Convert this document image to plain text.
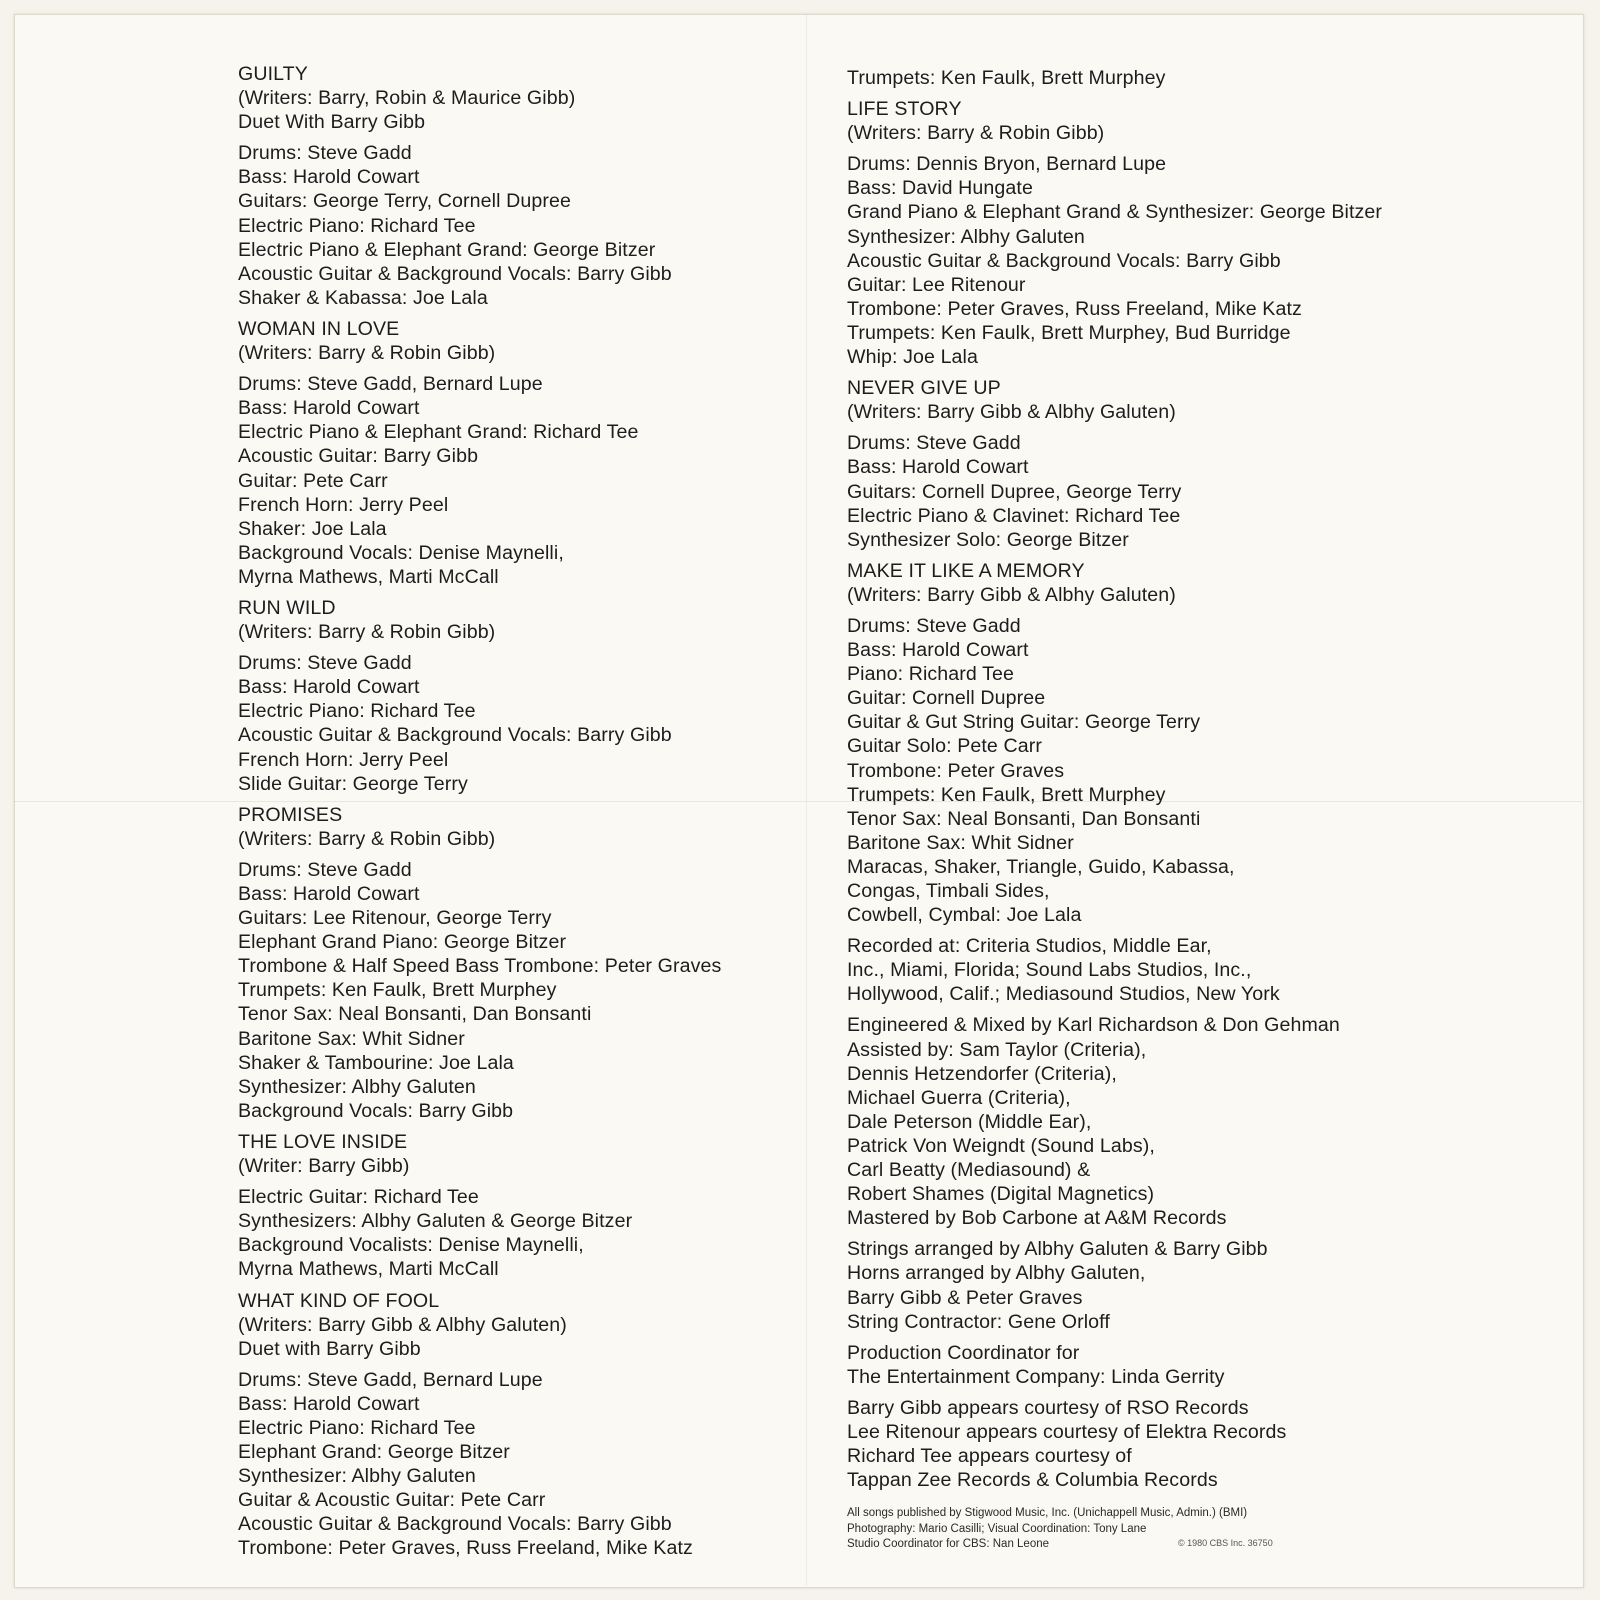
GUILTY
(Writers: Barry, Robin & Maurice Gibb)
Duet With Barry Gibb
Drums: Steve Gadd
Bass: Harold Cowart
Guitars: George Terry, Cornell Dupree
Electric Piano: Richard Tee
Electric Piano & Elephant Grand: George Bitzer
Acoustic Guitar & Background Vocals: Barry Gibb
Shaker & Kabassa: Joe Lala
WOMAN IN LOVE
(Writers: Barry & Robin Gibb)
Drums: Steve Gadd, Bernard Lupe
Bass: Harold Cowart
Electric Piano & Elephant Grand: Richard Tee
Acoustic Guitar: Barry Gibb
Guitar: Pete Carr
French Horn: Jerry Peel
Shaker: Joe Lala
Background Vocals: Denise Maynelli,
Myrna Mathews, Marti McCall
RUN WILD
(Writers: Barry & Robin Gibb)
Drums: Steve Gadd
Bass: Harold Cowart
Electric Piano: Richard Tee
Acoustic Guitar & Background Vocals: Barry Gibb
French Horn: Jerry Peel
Slide Guitar: George Terry
PROMISES
(Writers: Barry & Robin Gibb)
Drums: Steve Gadd
Bass: Harold Cowart
Guitars: Lee Ritenour, George Terry
Elephant Grand Piano: George Bitzer
Trombone & Half Speed Bass Trombone: Peter Graves
Trumpets: Ken Faulk, Brett Murphey
Tenor Sax: Neal Bonsanti, Dan Bonsanti
Baritone Sax: Whit Sidner
Shaker & Tambourine: Joe Lala
Synthesizer: Albhy Galuten
Background Vocals: Barry Gibb
THE LOVE INSIDE
(Writer: Barry Gibb)
Electric Guitar: Richard Tee
Synthesizers: Albhy Galuten & George Bitzer
Background Vocalists: Denise Maynelli,
Myrna Mathews, Marti McCall
WHAT KIND OF FOOL
(Writers: Barry Gibb & Albhy Galuten)
Duet with Barry Gibb
Drums: Steve Gadd, Bernard Lupe
Bass: Harold Cowart
Electric Piano: Richard Tee
Elephant Grand: George Bitzer
Synthesizer: Albhy Galuten
Guitar & Acoustic Guitar: Pete Carr
Acoustic Guitar & Background Vocals: Barry Gibb
Trombone: Peter Graves, Russ Freeland, Mike Katz
Trumpets: Ken Faulk, Brett Murphey
LIFE STORY
(Writers: Barry & Robin Gibb)
Drums: Dennis Bryon, Bernard Lupe
Bass: David Hungate
Grand Piano & Elephant Grand & Synthesizer: George Bitzer
Synthesizer: Albhy Galuten
Acoustic Guitar & Background Vocals: Barry Gibb
Guitar: Lee Ritenour
Trombone: Peter Graves, Russ Freeland, Mike Katz
Trumpets: Ken Faulk, Brett Murphey, Bud Burridge
Whip: Joe Lala
NEVER GIVE UP
(Writers: Barry Gibb & Albhy Galuten)
Drums: Steve Gadd
Bass: Harold Cowart
Guitars: Cornell Dupree, George Terry
Electric Piano & Clavinet: Richard Tee
Synthesizer Solo: George Bitzer
MAKE IT LIKE A MEMORY
(Writers: Barry Gibb & Albhy Galuten)
Drums: Steve Gadd
Bass: Harold Cowart
Piano: Richard Tee
Guitar: Cornell Dupree
Guitar & Gut String Guitar: George Terry
Guitar Solo: Pete Carr
Trombone: Peter Graves
Trumpets: Ken Faulk, Brett Murphey
Tenor Sax: Neal Bonsanti, Dan Bonsanti
Baritone Sax: Whit Sidner
Maracas, Shaker, Triangle, Guido, Kabassa,
Congas, Timbali Sides,
Cowbell, Cymbal: Joe Lala
Recorded at: Criteria Studios, Middle Ear,
Inc., Miami, Florida; Sound Labs Studios, Inc.,
Hollywood, Calif.; Mediasound Studios, New York
Engineered & Mixed by Karl Richardson & Don Gehman
Assisted by: Sam Taylor (Criteria),
Dennis Hetzendorfer (Criteria),
Michael Guerra (Criteria),
Dale Peterson (Middle Ear),
Patrick Von Weigndt (Sound Labs),
Carl Beatty (Mediasound) &
Robert Shames (Digital Magnetics)
Mastered by Bob Carbone at A&M Records
Strings arranged by Albhy Galuten & Barry Gibb
Horns arranged by Albhy Galuten,
Barry Gibb & Peter Graves
String Contractor: Gene Orloff
Production Coordinator for
The Entertainment Company: Linda Gerrity
Barry Gibb appears courtesy of RSO Records
Lee Ritenour appears courtesy of Elektra Records
Richard Tee appears courtesy of
Tappan Zee Records & Columbia Records
All songs published by Stigwood Music, Inc. (Unichappell Music, Admin.) (BMI)
Photography: Mario Casilli; Visual Coordination: Tony Lane
Studio Coordinator for CBS: Nan Leone	© 1980 CBS Inc. 36750
